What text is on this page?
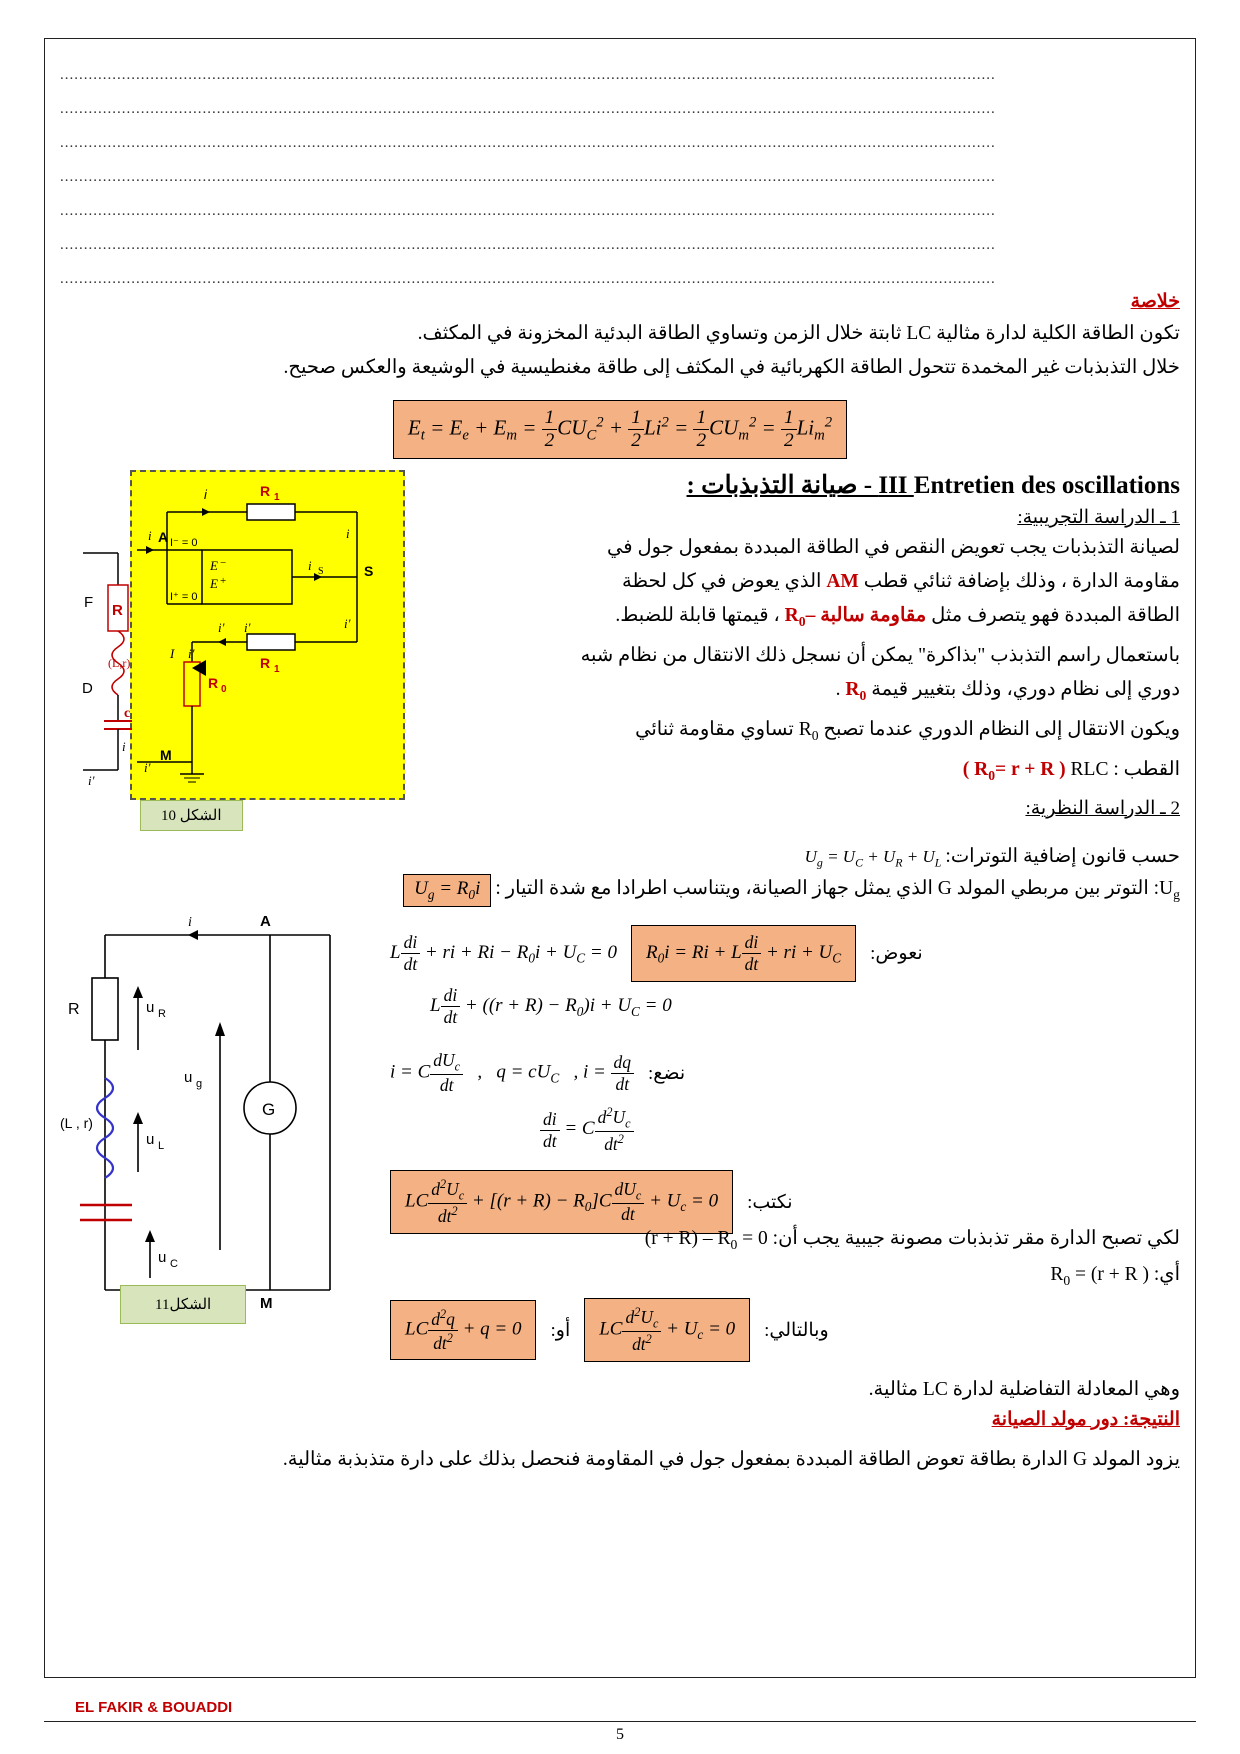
.....................................................................................................................................................................................................
.....................................................................................................................................................................................................
.....................................................................................................................................................................................................
.....................................................................................................................................................................................................
.....................................................................................................................................................................................................
.....................................................................................................................................................................................................
.....................................................................................................................................................................................................
خلاصة
تكون الطاقة الكلية لدارة مثالية LC ثابتة خلال الزمن وتساوي الطاقة البدئية المخزونة في المكثف.
خلال التذبذبات غير المخمدة تتحول الطاقة الكهربائية في المكثف إلى طاقة مغنطيسية في الوشيعة والعكس صحيح.
$E_t = E_e + E_m = \frac{1}{2} CU_C^2 + \frac{1}{2} Li^2 = \frac{1}{2} CU_m^2 = \frac{1}{2} Li_m^2$
i	R 1
E −
E +
I⁻ = 0
I⁺ = 0
A
i
i S	S
i
R 1
i' i'	i'
R 0
i'
I
M
i'
R
F
(L,r)
D
c
i
i'
الشكل 10
Entretien des oscillations III - صيانة التذبذبات :
1 ـ الدراسة التجريبية:
لصيانة التذبذبات يجب تعويض النقص في الطاقة المبددة بمفعول جول في
مقاومة الدارة ، وذلك بإضافة ثنائي قطب AM الذي يعوض في كل لحظة
الطاقة المبددة فهو يتصرف مثل مقاومة سالبة $-R_0$ ، قيمتها قابلة للضبط.
باستعمال راسم التذبذب "بذاكرة" يمكن أن نسجل ذلك الانتقال من نظام شبه
دوري إلى نظام دوري، وذلك بتغيير قيمة $R_0$ .
ويكون الانتقال إلى النظام الدوري عندما تصبح $R_0$ تساوي مقاومة ثنائي
القطب RLC : ( $R_0= r + R$ )
2 ـ الدراسة النظرية:
حسب قانون إضافية التوترات: $U_g = U_C + U_R + U_L$
$U_g$: التوتر بين مربطي المولد G الذي يمثل جهاز الصيانة، ويتناسب اطرادا مع شدة التيار : $U_g = R_0i$
نعوض:
$R_0i = Ri + L \frac{di}{dt}$ + ri + $U_C$
L $\frac{di}{dt}$ + ri + $Ri - R_0i + U_C = 0$
L $\frac{di}{dt} + ((r + R) - R_0)i + U_C = 0$
نضع:
i = C $\frac{dU_c}{dt}$ ,   $q = cU_C$   , $i = \frac{dq}{dt}$
$\frac{di}{dt} = C \frac{d^2U_c}{dt^2}$
نكتب:
LC $\frac{d^2U_c}{dt^2} + [(r + R) - R_0]C \frac{dU_c}{dt} + U_c = 0$
لكي تصبح الدارة مقر تذبذبات مصونة جيبية يجب أن: $(r + R) - R_0 = 0$
أي: $R_0 = (r + R$ )
وبالتالي:
LC $\frac{d^2U_c}{dt^2} + U_c = 0$
أو:
LC $\frac{d^2q}{dt^2} + q = 0$
وهي المعادلة التفاضلية لدارة LC مثالية.
النتيجة: دور مولد الصيانة
يزود المولد G الدارة بطاقة تعوض الطاقة المبددة بمفعول جول في المقاومة فنحصل بذلك على دارة متذبذبة مثالية.
i	A
M
R	u R
(L , r)
u L
u C
G
u g
الشكل11
EL FAKIR & BOUADDI
5
